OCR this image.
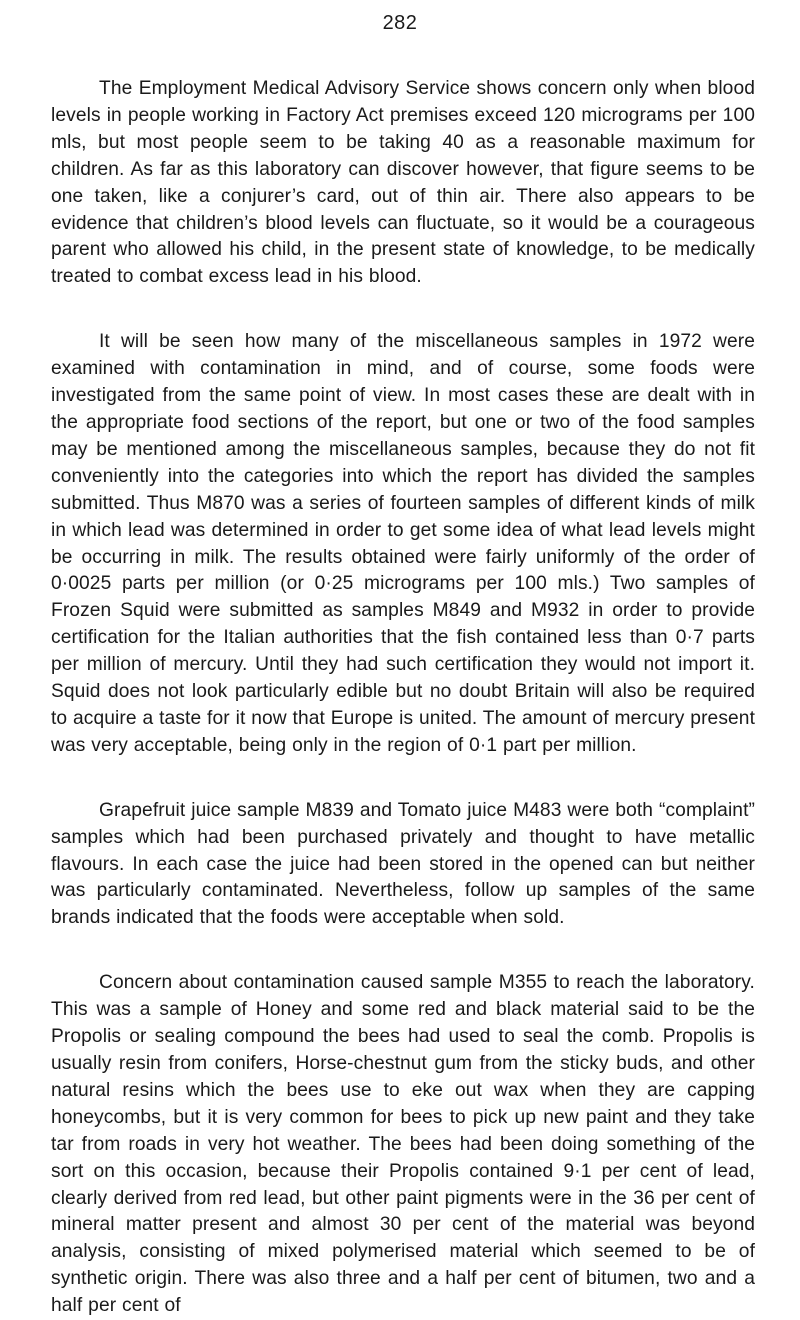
282

The Employment Medical Advisory Service shows concern only when blood levels in people working in Factory Act premises exceed 120 micrograms per 100 mls, but most people seem to be taking 40 as a reasonable maximum for children. As far as this laboratory can discover however, that figure seems to be one taken, like a conjurer’s card, out of thin air. There also appears to be evidence that children’s blood levels can fluctuate, so it would be a courageous parent who allowed his child, in the present state of knowledge, to be medically treated to combat excess lead in his blood.

It will be seen how many of the miscellaneous samples in 1972 were examined with contamination in mind, and of course, some foods were investigated from the same point of view. In most cases these are dealt with in the appropriate food sections of the report, but one or two of the food samples may be mentioned among the miscellaneous samples, because they do not fit conveniently into the categories into which the report has divided the samples submitted. Thus M870 was a series of fourteen samples of different kinds of milk in which lead was determined in order to get some idea of what lead levels might be occurring in milk. The results obtained were fairly uniformly of the order of 0·0025 parts per million (or 0·25 micrograms per 100 mls.) Two samples of Frozen Squid were submitted as samples M849 and M932 in order to provide certification for the Italian authorities that the fish contained less than 0·7 parts per million of mercury. Until they had such certification they would not import it. Squid does not look particularly edible but no doubt Britain will also be required to acquire a taste for it now that Europe is united. The amount of mercury present was very acceptable, being only in the region of 0·1 part per million.

Grapefruit juice sample M839 and Tomato juice M483 were both “complaint” samples which had been purchased privately and thought to have metallic flavours. In each case the juice had been stored in the opened can but neither was particularly contaminated. Nevertheless, follow up samples of the same brands indicated that the foods were acceptable when sold.

Concern about contamination caused sample M355 to reach the laboratory. This was a sample of Honey and some red and black material said to be the Propolis or sealing compound the bees had used to seal the comb. Propolis is usually resin from conifers, Horse-chestnut gum from the sticky buds, and other natural resins which the bees use to eke out wax when they are capping honeycombs, but it is very common for bees to pick up new paint and they take tar from roads in very hot weather. The bees had been doing something of the sort on this occasion, because their Propolis contained 9·1 per cent of lead, clearly derived from red lead, but other paint pigments were in the 36 per cent of mineral matter present and almost 30 per cent of the material was beyond analysis, consisting of mixed polymerised material which seemed to be of synthetic origin. There was also three and a half per cent of bitumen, two and a half per cent of
